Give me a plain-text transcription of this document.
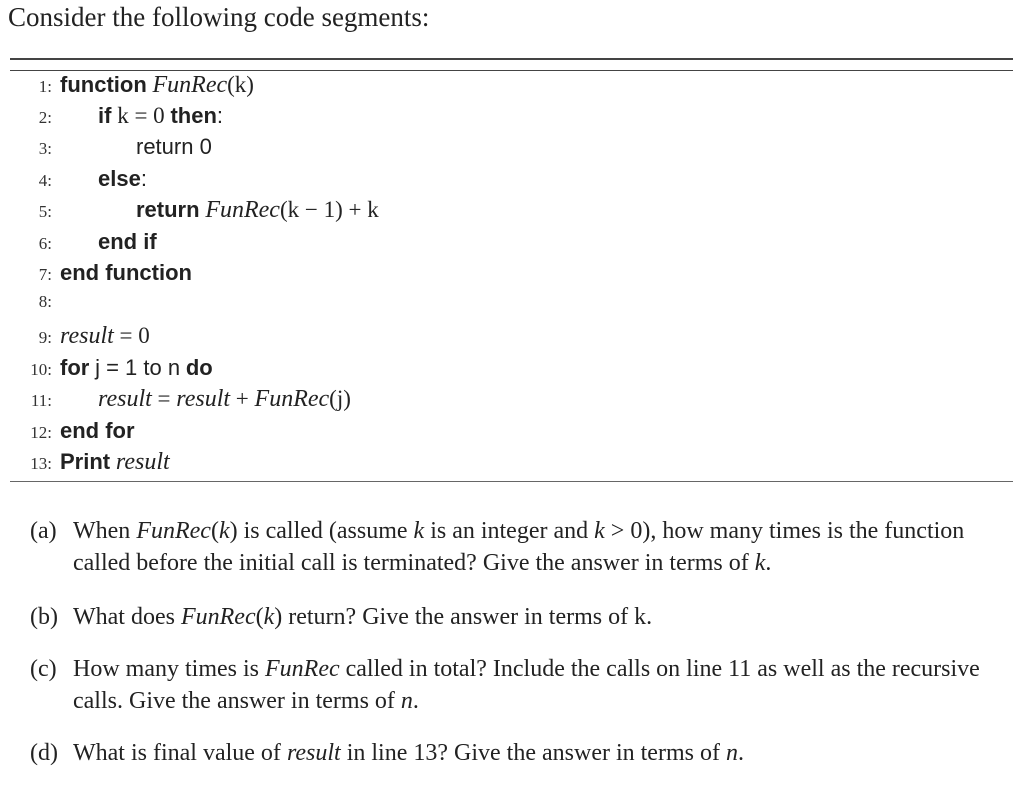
Consider the following code segments:
1: function FunRec(k)
2:	if k = 0 then:
3:	return 0
4:	else:
5:	return FunRec(k − 1) + k
6:	end if
7: end function
8:
9: result = 0
10: for j = 1 to n do
11:	result = result + FunRec(j)
12: end for
13: Print result
(a) When FunRec(k) is called (assume k is an integer and k > 0), how many times is the function called before the initial call is terminated? Give the answer in terms of k.
(b) What does FunRec(k) return? Give the answer in terms of k.
(c) How many times is FunRec called in total? Include the calls on line 11 as well as the recursive calls. Give the answer in terms of n.
(d) What is final value of result in line 13? Give the answer in terms of n.
